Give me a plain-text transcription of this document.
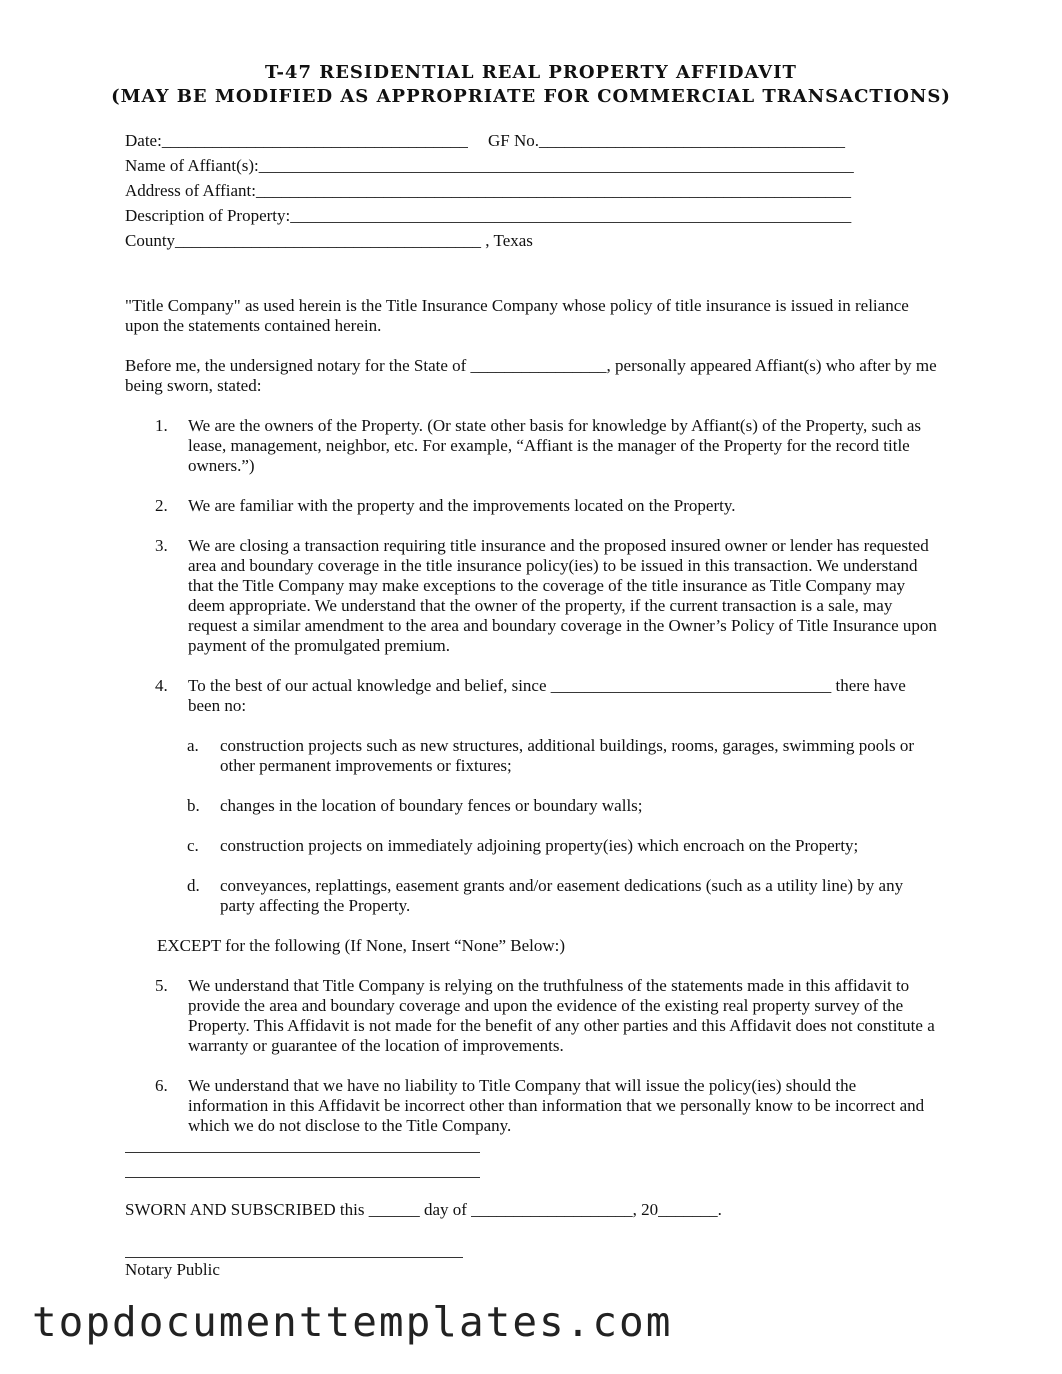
T-47 RESIDENTIAL REAL PROPERTY AFFIDAVIT
(MAY BE MODIFIED AS APPROPRIATE FOR COMMERCIAL TRANSACTIONS)
Date:____________________________________ GF No.____________________________________
Name of Affiant(s):______________________________________________________________________
Address of Affiant:______________________________________________________________________
Description of Property:__________________________________________________________________
County____________________________________ , Texas
"Title Company" as used herein is the Title Insurance Company whose policy of title insurance is issued in reliance upon the statements contained herein.
Before me, the undersigned notary for the State of ________________, personally appeared Affiant(s) who after by me being sworn, stated:
1.	We are the owners of the Property. (Or state other basis for knowledge by Affiant(s) of the Property, such as lease, management, neighbor, etc. For example, “Affiant is the manager of the Property for the record title owners.”)
2.	We are familiar with the property and the improvements located on the Property.
3.	We are closing a transaction requiring title insurance and the proposed insured owner or lender has requested area and boundary coverage in the title insurance policy(ies) to be issued in this transaction. We understand that the Title Company may make exceptions to the coverage of the title insurance as Title Company may deem appropriate. We understand that the owner of the property, if the current transaction is a sale, may request a similar amendment to the area and boundary coverage in the Owner’s Policy of Title Insurance upon payment of the promulgated premium.
4.	To the best of our actual knowledge and belief, since _________________________________ there have been no:
a.	construction projects such as new structures, additional buildings, rooms, garages, swimming pools or other permanent improvements or fixtures;
b.	changes in the location of boundary fences or boundary walls;
c.	construction projects on immediately adjoining property(ies) which encroach on the Property;
d.	conveyances, replattings, easement grants and/or easement dedications (such as a utility line) by any party affecting the Property.
EXCEPT for the following (If None, Insert “None” Below:)
5.	We understand that Title Company is relying on the truthfulness of the statements made in this affidavit to provide the area and boundary coverage and upon the evidence of the existing real property survey of the Property. This Affidavit is not made for the benefit of any other parties and this Affidavit does not constitute a warranty or guarantee of the location of improvements.
6.	We understand that we have no liability to Title Company that will issue the policy(ies) should the information in this Affidavit be incorrect other than information that we personally know to be incorrect and which we do not disclose to the Title Company.
SWORN AND SUBSCRIBED this ______ day of ___________________, 20_______.
Notary Public
topdocumenttemplates.com
